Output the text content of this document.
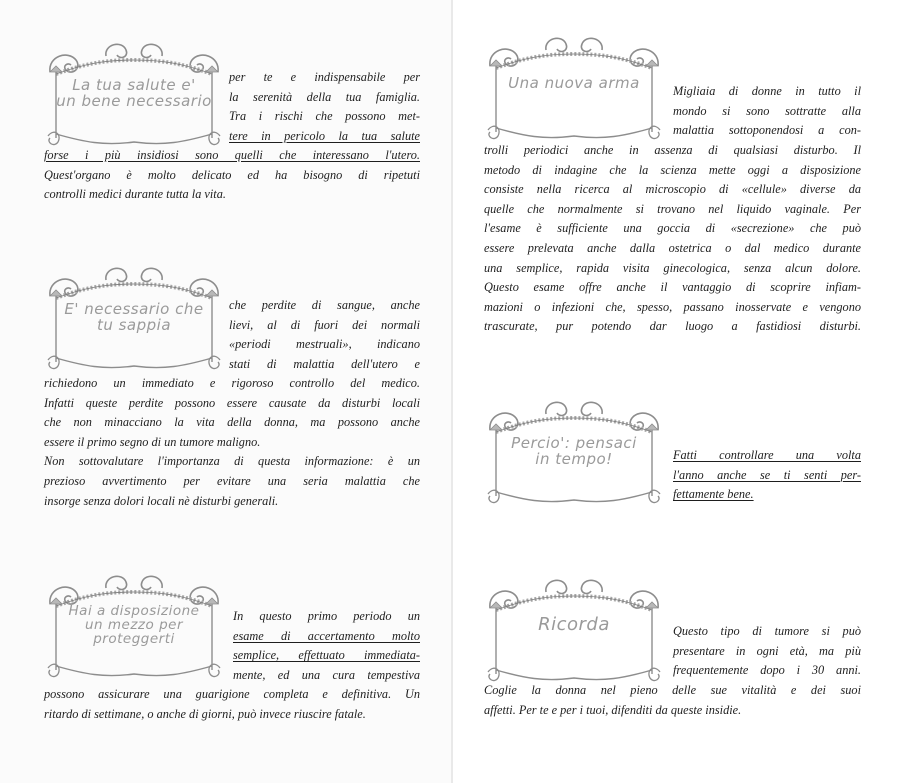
La tua salute e'
un bene necessario
per te e indispensabile per
la serenità della tua famiglia.
Tra i rischi che possono met-
tere in pericolo la tua salute
forse i più insidiosi sono quelli che interessano l'utero.
Quest'organo è molto delicato ed ha bisogno di ripetuti
controlli medici durante tutta la vita.
E' necessario che
tu sappia
che perdite di sangue, anche
lievi, al di fuori dei normali
«periodi mestruali», indicano
stati di malattia dell'utero e
richiedono un immediato e rigoroso controllo del medico.
Infatti queste perdite possono essere causate da disturbi locali
che non minacciano la vita della donna, ma possono anche
essere il primo segno di un tumore maligno.
Non sottovalutare l'importanza di questa informazione: è un
prezioso avvertimento per evitare una seria malattia che
insorge senza dolori locali nè disturbi generali.
Hai a disposizione
un mezzo per
proteggerti
In questo primo periodo un
esame di accertamento molto
semplice, effettuato immediata-
mente, ed una cura tempestiva
possono assicurare una guarigione completa e definitiva. Un
ritardo di settimane, o anche di giorni, può invece riuscire fatale.
Una nuova arma	Migliaia di donne in tutto il
mondo si sono sottratte alla
malattia sottoponendosi a con-
trolli periodici anche in assenza di qualsiasi disturbo. Il
metodo di indagine che la scienza mette oggi a disposizione
consiste nella ricerca al microscopio di «cellule» diverse da
quelle che normalmente si trovano nel liquido vaginale. Per
l'esame è sufficiente una goccia di «secrezione» che può
essere prelevata anche dalla ostetrica o dal medico durante
una semplice, rapida visita ginecologica, senza alcun dolore.
Questo esame offre anche il vantaggio di scoprire infiam-
mazioni o infezioni che, spesso, passano inosservate e vengono
trascurate, pur potendo dar luogo a fastidiosi disturbi.
Percio': pensaci
in tempo!	Fatti controllare una volta
l'anno anche se ti senti per-
fettamente bene.
Ricorda	Questo tipo di tumore si può
presentare in ogni età, ma più
frequentemente dopo i 30 anni.
Coglie la donna nel pieno delle sue vitalità e dei suoi
affetti. Per te e per i tuoi, difenditi da queste insidie.
